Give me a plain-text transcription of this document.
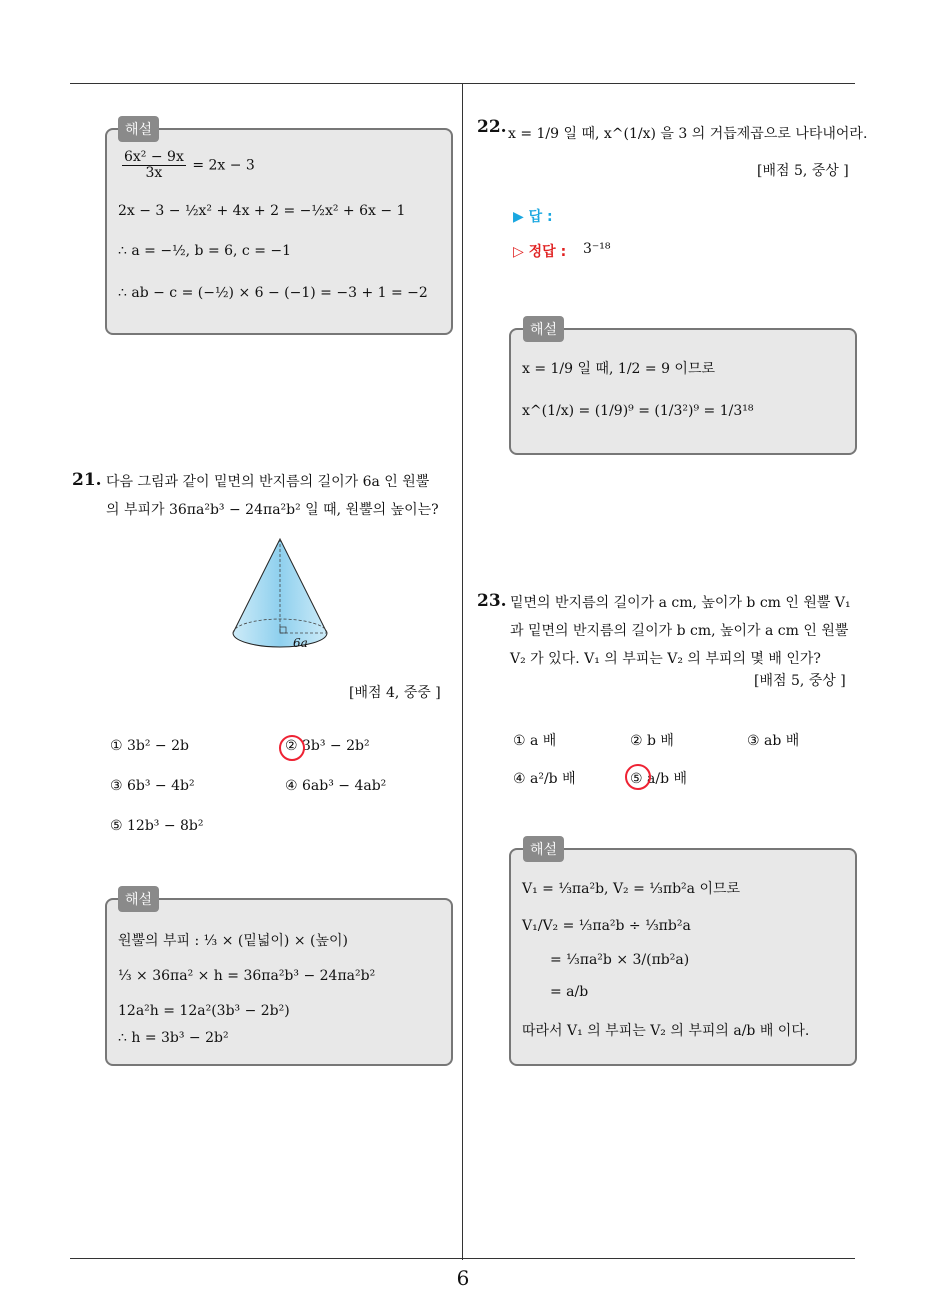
6
해설
$\frac{\text{6x² − 9x}}{3x} = 2x - 3$
2x − 3 − ½x² + 4x + 2 = −½x² + 6x − 1
∴ a = −½, b = 6, c = −1
∴ ab − c = (−½) × 6 − (−1) = −3 + 1 = −2
21. 다음 그림과 같이 밑면의 반지름의 길이가 6a 인 원뿔
의 부피가 36πa²b³ − 24πa²b² 일 때, 원뿔의 높이는?
6a
[배점 4, 중중 ]
① 3b² − 2b	② 3b³ − 2b²
③ 6b³ − 4b²	④ 6ab³ − 4ab²
⑤ 12b³ − 8b²
해설
원뿔의 부피 : ⅓ × (밑넓이) × (높이)
⅓ × 36πa² × h = 36πa²b³ − 24πa²b²
12a²h = 12a²(3b³ − 2b²)
∴ h = 3b³ − 2b²
22. x = 1/9 일 때, x^(1/x) 을 3 의 거듭제곱으로 나타내어라.
[배점 5, 중상 ]
▶ 답 :
▷ 정답 : 3⁻¹⁸
해설
x = 1/9 일 때, 1/2 = 9 이므로
x^(1/x) = (1/9)⁹ = (1/3²)⁹ = 1/3¹⁸
23. 밑면의 반지름의 길이가 a cm, 높이가 b cm 인 원뿔 V₁
과 밑면의 반지름의 길이가 b cm, 높이가 a cm 인 원뿔
V₂ 가 있다. V₁ 의 부피는 V₂ 의 부피의 몇 배 인가?
[배점 5, 중상 ]
① a 배	② b 배	③ ab 배
④ a²/b 배	⑤ a/b 배
해설
V₁ = ⅓πa²b, V₂ = ⅓πb²a 이므로
V₁/V₂ = ⅓πa²b ÷ ⅓πb²a
= ⅓πa²b × 3/(πb²a)
= a/b
따라서 V₁ 의 부피는 V₂ 의 부피의 a/b 배 이다.
